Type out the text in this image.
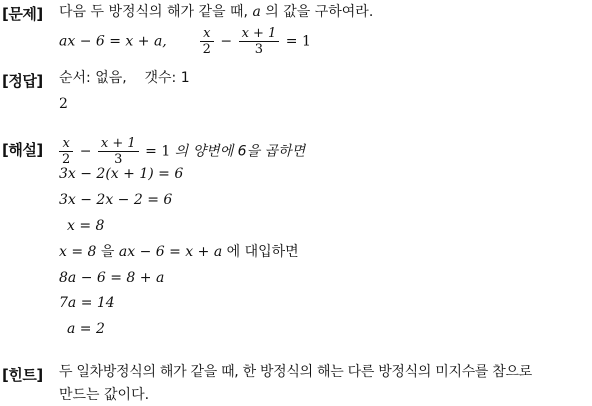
[문제] 다음 두 방정식의 해가 같을 때, a 의 값을 구하여라.
ax − 6 = x + a,	$\frac{x}{2} - \frac{x + 1}{3} = 1$
[정답] 순서: 없음,    갯수: 1
2
[해설] $\frac{x}{2} - \frac{x + 1}{3} = 1$ 의 양변에 6을 곱하면
3x − 2(x + 1) = 6
3x − 2x − 2 = 6
x = 8
x = 8 을 ax − 6 = x + a 에 대입하면
8a − 6 = 8 + a
7a = 14
a = 2
[힌트] 두 일차방정식의 해가 같을 때, 한 방정식의 해는 다른 방정식의 미지수를 참으로
만드는 값이다.
